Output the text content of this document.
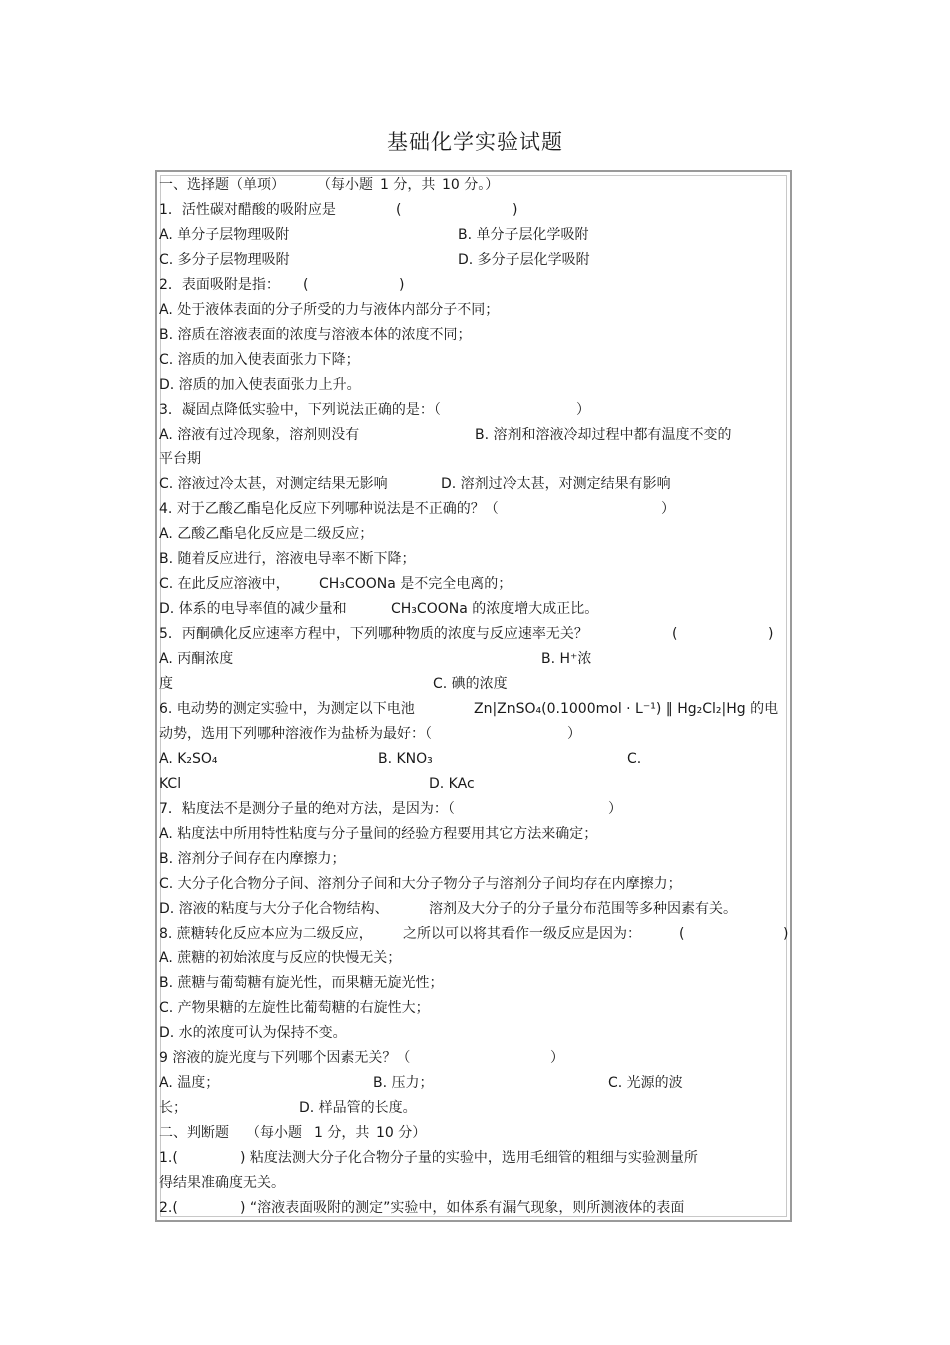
基础化学实验试题
一、选择题（单项） （每小题 1 分，共 10 分。）
1．活性碳对醋酸的吸附应是	(	)
A. 单分子层物理吸附	B. 单分子层化学吸附
C. 多分子层物理吸附	D. 多分子层化学吸附
2．表面吸附是指： (	)
A. 处于液体表面的分子所受的力与液体内部分子不同；
B. 溶质在溶液表面的浓度与溶液本体的浓度不同；
C. 溶质的加入使表面张力下降；
D. 溶质的加入使表面张力上升。
3．凝固点降低实验中，下列说法正确的是：（	）
A. 溶液有过冷现象，溶剂则没有	B. 溶剂和溶液冷却过程中都有温度不变的
平台期
C. 溶液过冷太甚，对测定结果无影响	D. 溶剂过冷太甚，对测定结果有影响
4. 对于乙酸乙酯皂化反应下列哪种说法是不正确的？（	）
A. 乙酸乙酯皂化反应是二级反应；
B. 随着反应进行，溶液电导率不断下降；
C. 在此反应溶液中， CH₃COONa 是不完全电离的；
D. 体系的电导率值的减少量和	CH₃COONa 的浓度增大成正比。
5．丙酮碘化反应速率方程中，下列哪种物质的浓度与反应速率无关？	(	)
A. 丙酮浓度	B. H⁺浓
度	C. 碘的浓度
6. 电动势的测定实验中，为测定以下电池	Zn|ZnSO₄(0.1000mol · L⁻¹) ‖ Hg₂Cl₂|Hg 的电
动势，选用下列哪种溶液作为盐桥为最好：（	）
A. K₂SO₄	B. KNO₃	C.
KCl	D. KAc
7．粘度法不是测分子量的绝对方法，是因为：（	）
A. 粘度法中所用特性粘度与分子量间的经验方程要用其它方法来确定；
B. 溶剂分子间存在内摩擦力；
C. 大分子化合物分子间、溶剂分子间和大分子物分子与溶剂分子间均存在内摩擦力；
D. 溶液的粘度与大分子化合物结构、	溶剂及大分子的分子量分布范围等多种因素有关。
8. 蔗糖转化反应本应为二级反应， 之所以可以将其看作一级反应是因为：	(	)
A. 蔗糖的初始浓度与反应的快慢无关；
B. 蔗糖与葡萄糖有旋光性，而果糖无旋光性；
C. 产物果糖的左旋性比葡萄糖的右旋性大；
D. 水的浓度可认为保持不变。
9 溶液的旋光度与下列哪个因素无关？（	）
A. 温度；	B. 压力；	C. 光源的波
长；	D. 样品管的长度。
二、判断题 （每小题 1 分，共 10 分）
1.(	) 粘度法测大分子化合物分子量的实验中，选用毛细管的粗细与实验测量所
得结果准确度无关。
2.(	) “溶液表面吸附的测定”实验中，如体系有漏气现象，则所测液体的表面
